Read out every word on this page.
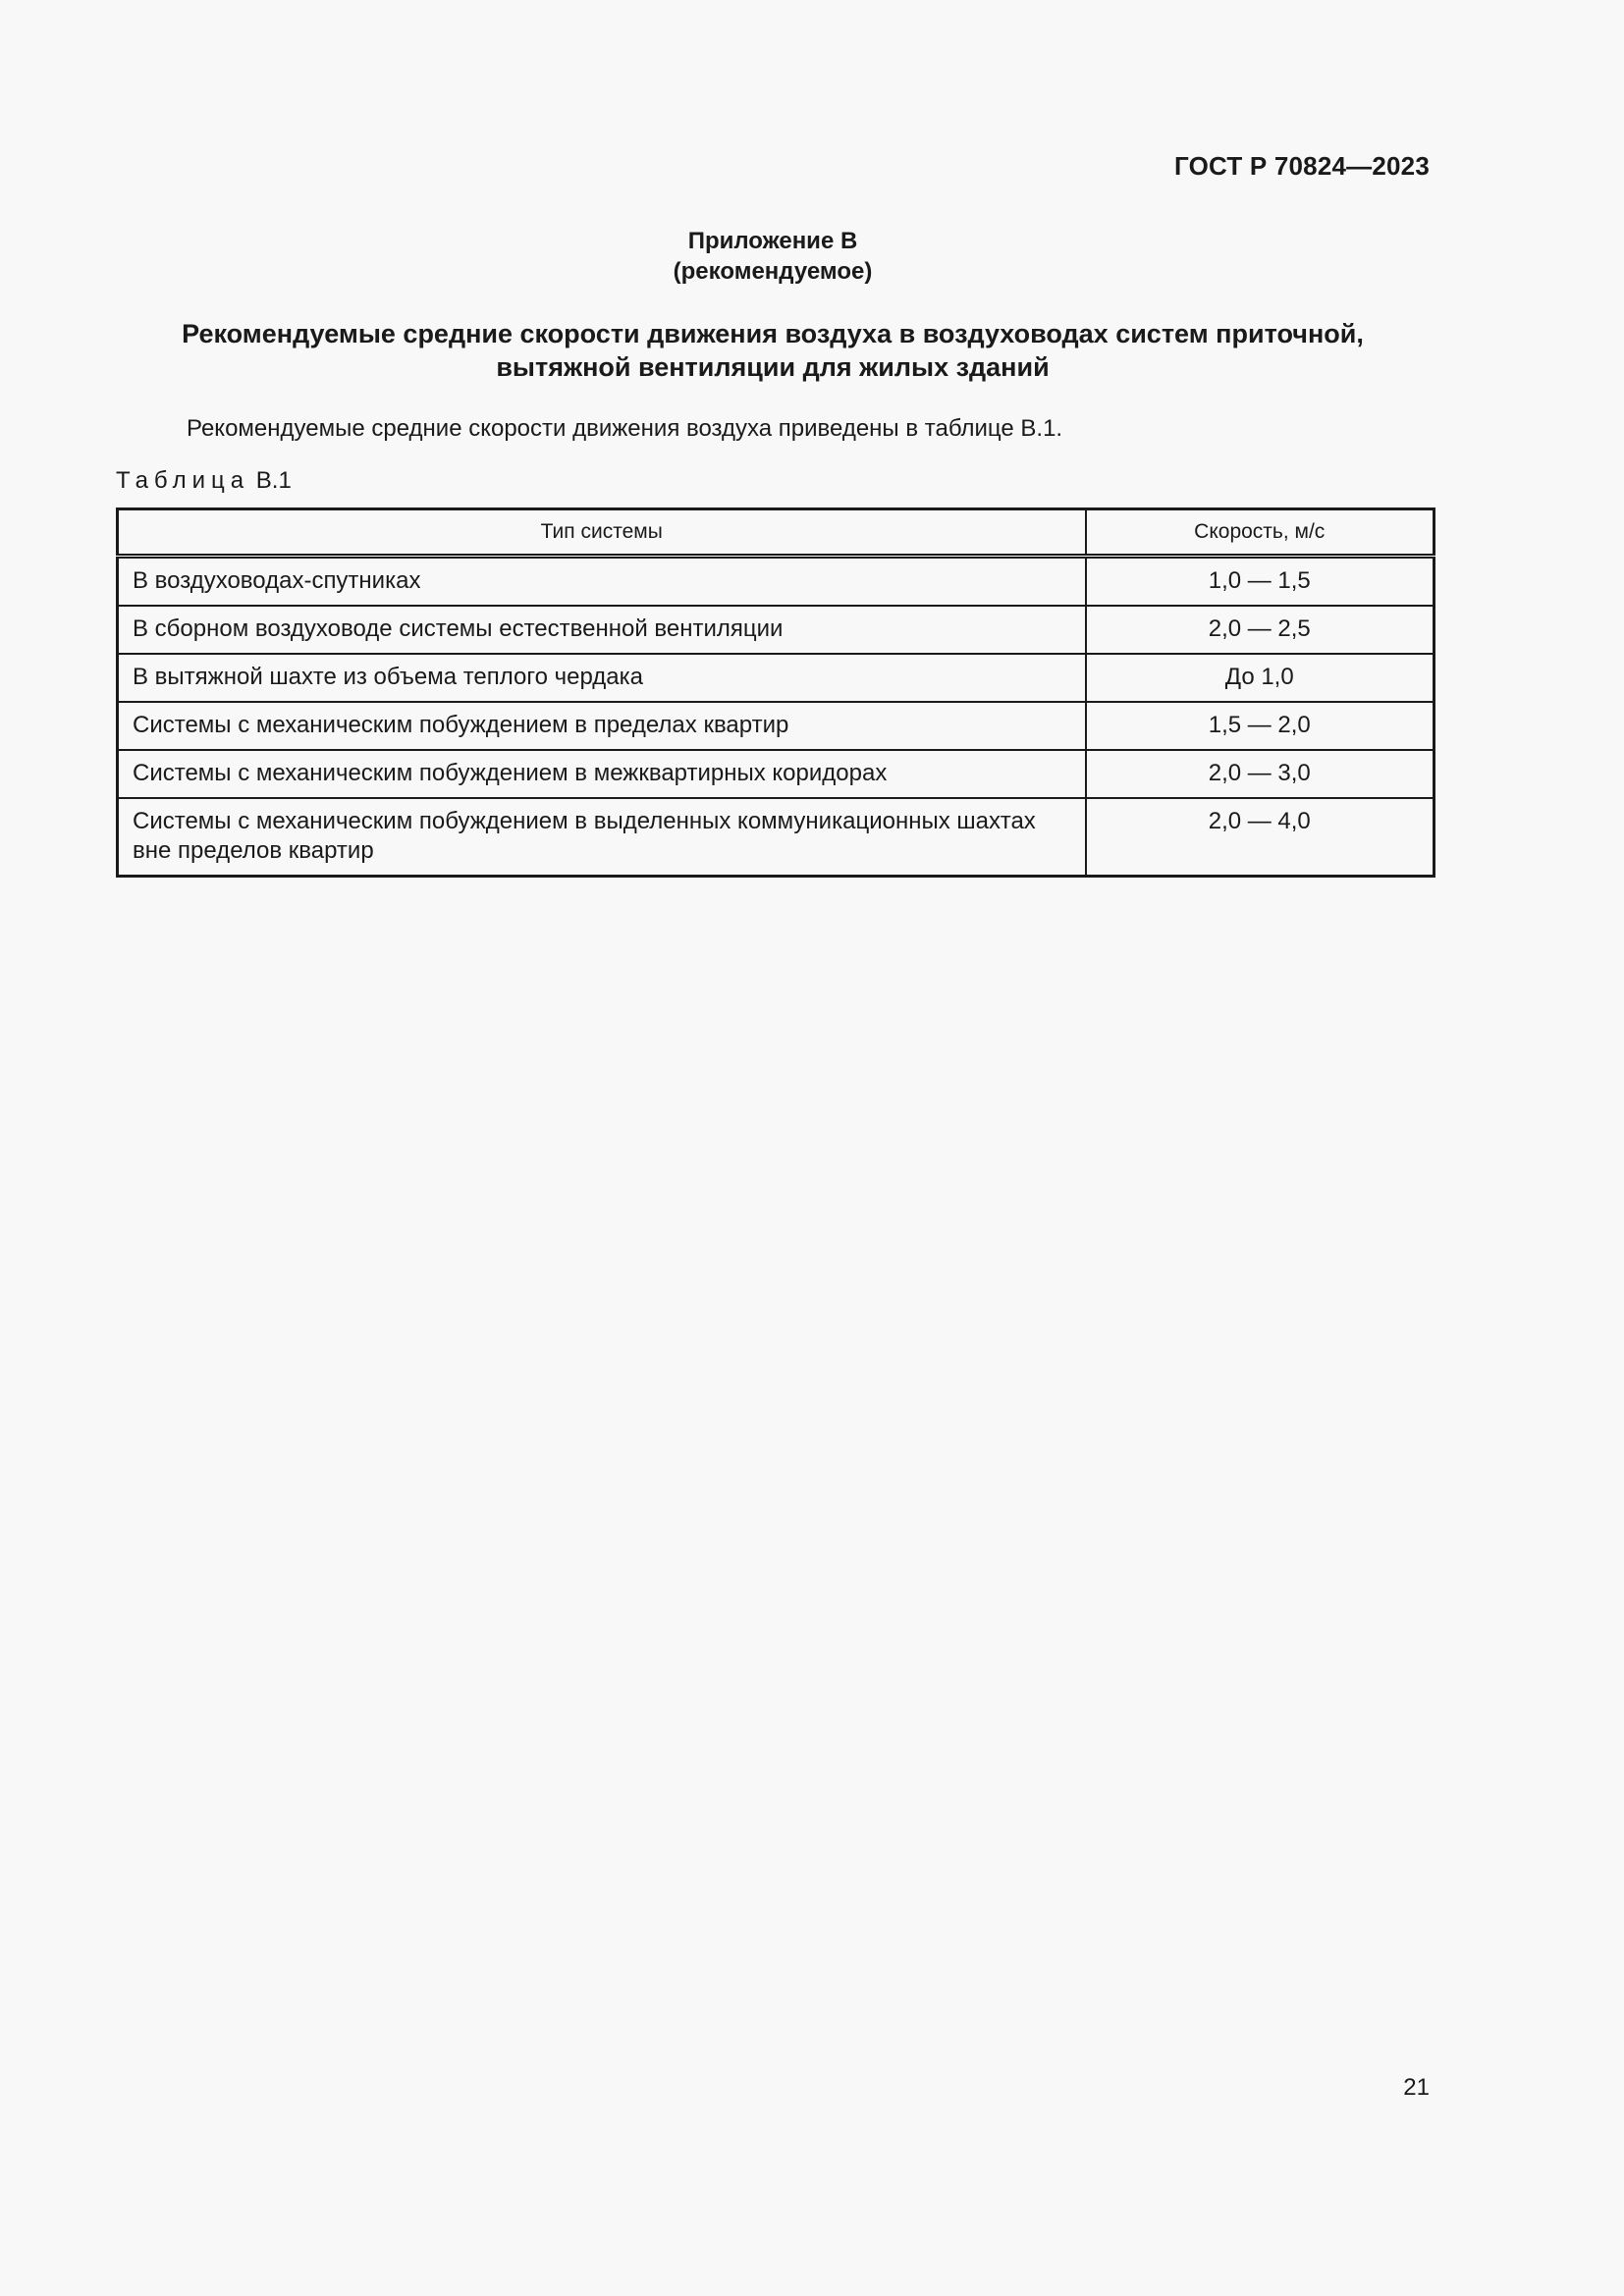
ГОСТ Р 70824—2023
Приложение В
(рекомендуемое)
Рекомендуемые средние скорости движения воздуха в воздуховодах систем приточной,
вытяжной вентиляции для жилых зданий
Рекомендуемые средние скорости движения воздуха приведены в таблице В.1.
Таблица В.1
Тип системы	Скорость, м/с
В воздуховодах-спутниках	1,0 — 1,5
В сборном воздуховоде системы естественной вентиляции	2,0 — 2,5
В вытяжной шахте из объема теплого чердака	До 1,0
Системы с механическим побуждением в пределах квартир	1,5 — 2,0
Системы с механическим побуждением в межквартирных коридорах	2,0 — 3,0
Системы с механическим побуждением в выделенных коммуникационных шахтах вне пределов квартир	2,0 — 4,0
21
